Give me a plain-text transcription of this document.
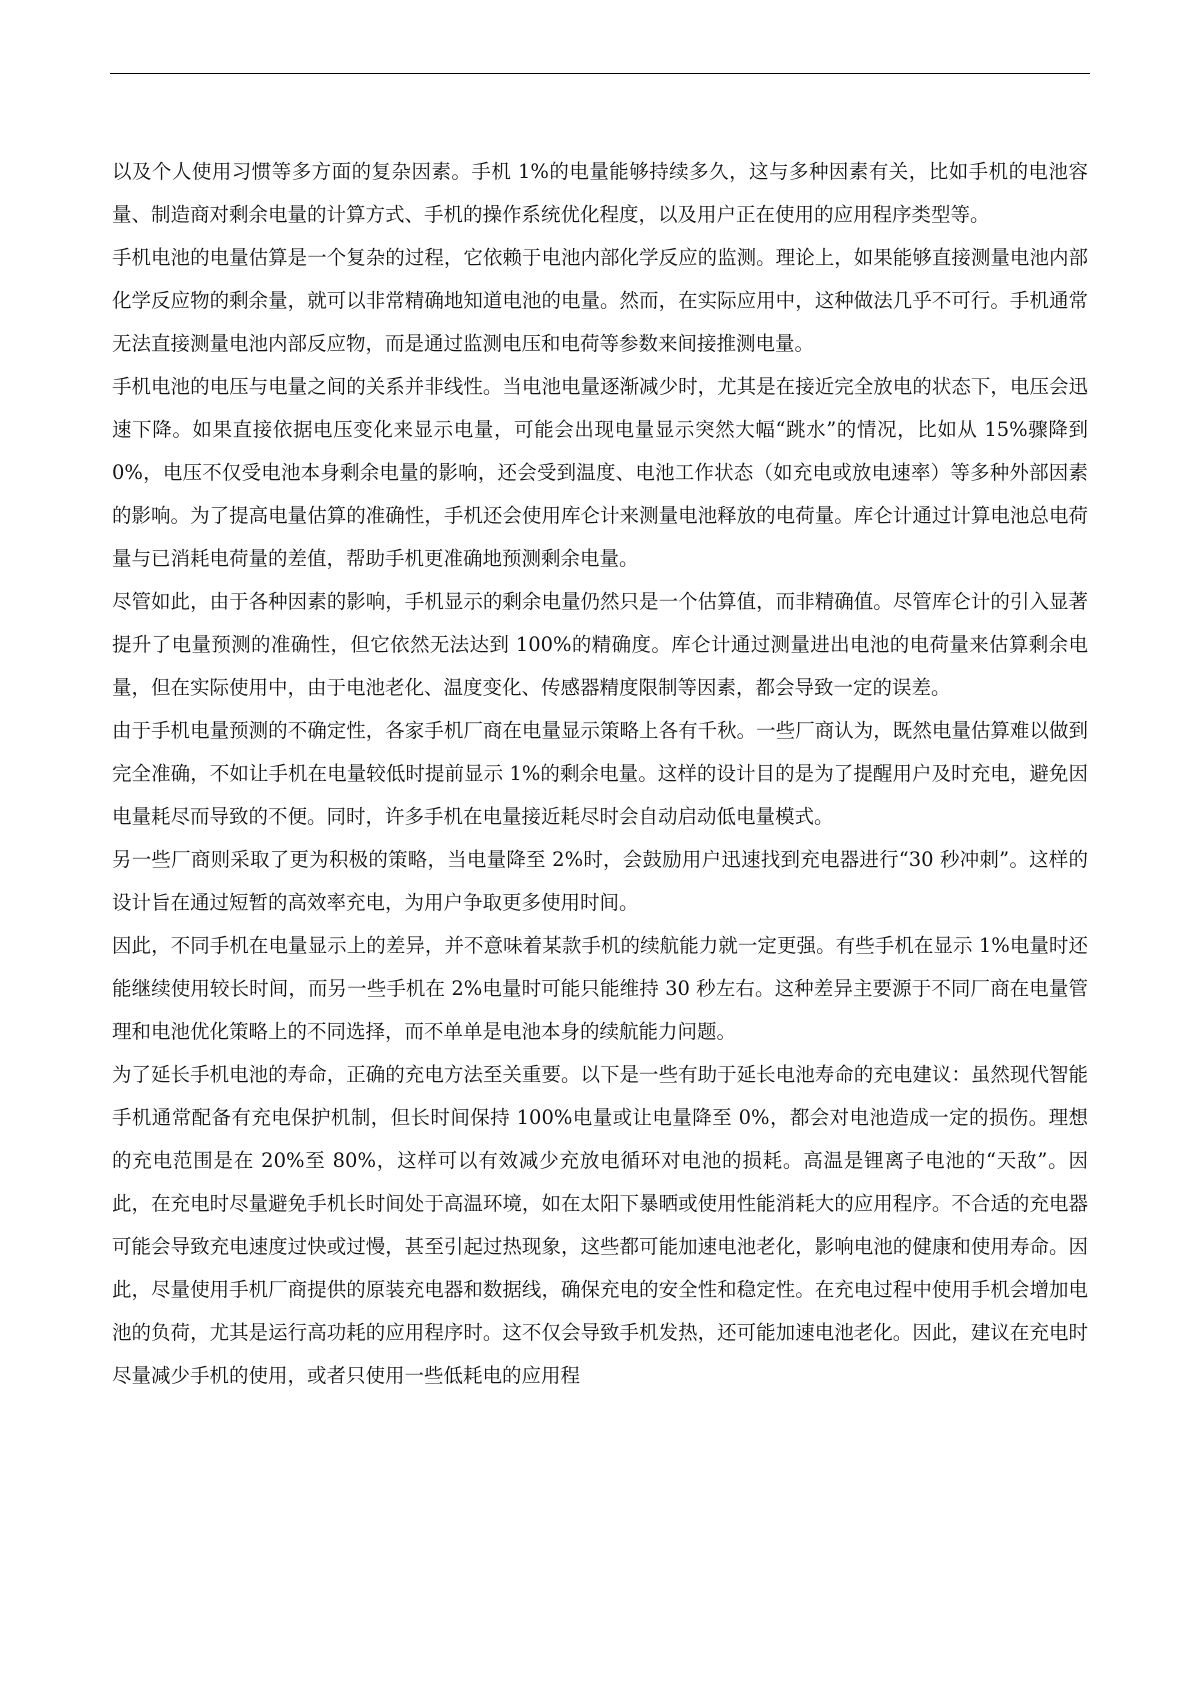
以及个人使用习惯等多方面的复杂因素。手机 1%的电量能够持续多久，这与多种因素有关，比如手机的电池容量、制造商对剩余电量的计算方式、手机的操作系统优化程度，以及用户正在使用的应用程序类型等。

手机电池的电量估算是一个复杂的过程，它依赖于电池内部化学反应的监测。理论上，如果能够直接测量电池内部化学反应物的剩余量，就可以非常精确地知道电池的电量。然而，在实际应用中，这种做法几乎不可行。手机通常无法直接测量电池内部反应物，而是通过监测电压和电荷等参数来间接推测电量。

手机电池的电压与电量之间的关系并非线性。当电池电量逐渐减少时，尤其是在接近完全放电的状态下，电压会迅速下降。如果直接依据电压变化来显示电量，可能会出现电量显示突然大幅“跳水”的情况，比如从 15%骤降到 0%，电压不仅受电池本身剩余电量的影响，还会受到温度、电池工作状态（如充电或放电速率）等多种外部因素的影响。为了提高电量估算的准确性，手机还会使用库仑计来测量电池释放的电荷量。库仑计通过计算电池总电荷量与已消耗电荷量的差值，帮助手机更准确地预测剩余电量。

尽管如此，由于各种因素的影响，手机显示的剩余电量仍然只是一个估算值，而非精确值。尽管库仑计的引入显著提升了电量预测的准确性，但它依然无法达到 100%的精确度。库仑计通过测量进出电池的电荷量来估算剩余电量，但在实际使用中，由于电池老化、温度变化、传感器精度限制等因素，都会导致一定的误差。

由于手机电量预测的不确定性，各家手机厂商在电量显示策略上各有千秋。一些厂商认为，既然电量估算难以做到完全准确，不如让手机在电量较低时提前显示 1%的剩余电量。这样的设计目的是为了提醒用户及时充电，避免因电量耗尽而导致的不便。同时，许多手机在电量接近耗尽时会自动启动低电量模式。

另一些厂商则采取了更为积极的策略，当电量降至 2%时，会鼓励用户迅速找到充电器进行“30 秒冲刺”。这样的设计旨在通过短暂的高效率充电，为用户争取更多使用时间。

因此，不同手机在电量显示上的差异，并不意味着某款手机的续航能力就一定更强。有些手机在显示 1%电量时还能继续使用较长时间，而另一些手机在 2%电量时可能只能维持 30 秒左右。这种差异主要源于不同厂商在电量管理和电池优化策略上的不同选择，而不单单是电池本身的续航能力问题。

为了延长手机电池的寿命，正确的充电方法至关重要。以下是一些有助于延长电池寿命的充电建议：虽然现代智能手机通常配备有充电保护机制，但长时间保持 100%电量或让电量降至 0%，都会对电池造成一定的损伤。理想的充电范围是在 20%至 80%，这样可以有效减少充放电循环对电池的损耗。高温是锂离子电池的“天敌”。因此，在充电时尽量避免手机长时间处于高温环境，如在太阳下暴晒或使用性能消耗大的应用程序。不合适的充电器可能会导致充电速度过快或过慢，甚至引起过热现象，这些都可能加速电池老化，影响电池的健康和使用寿命。因此，尽量使用手机厂商提供的原装充电器和数据线，确保充电的安全性和稳定性。在充电过程中使用手机会增加电池的负荷，尤其是运行高功耗的应用程序时。这不仅会导致手机发热，还可能加速电池老化。因此，建议在充电时尽量减少手机的使用，或者只使用一些低耗电的应用程
